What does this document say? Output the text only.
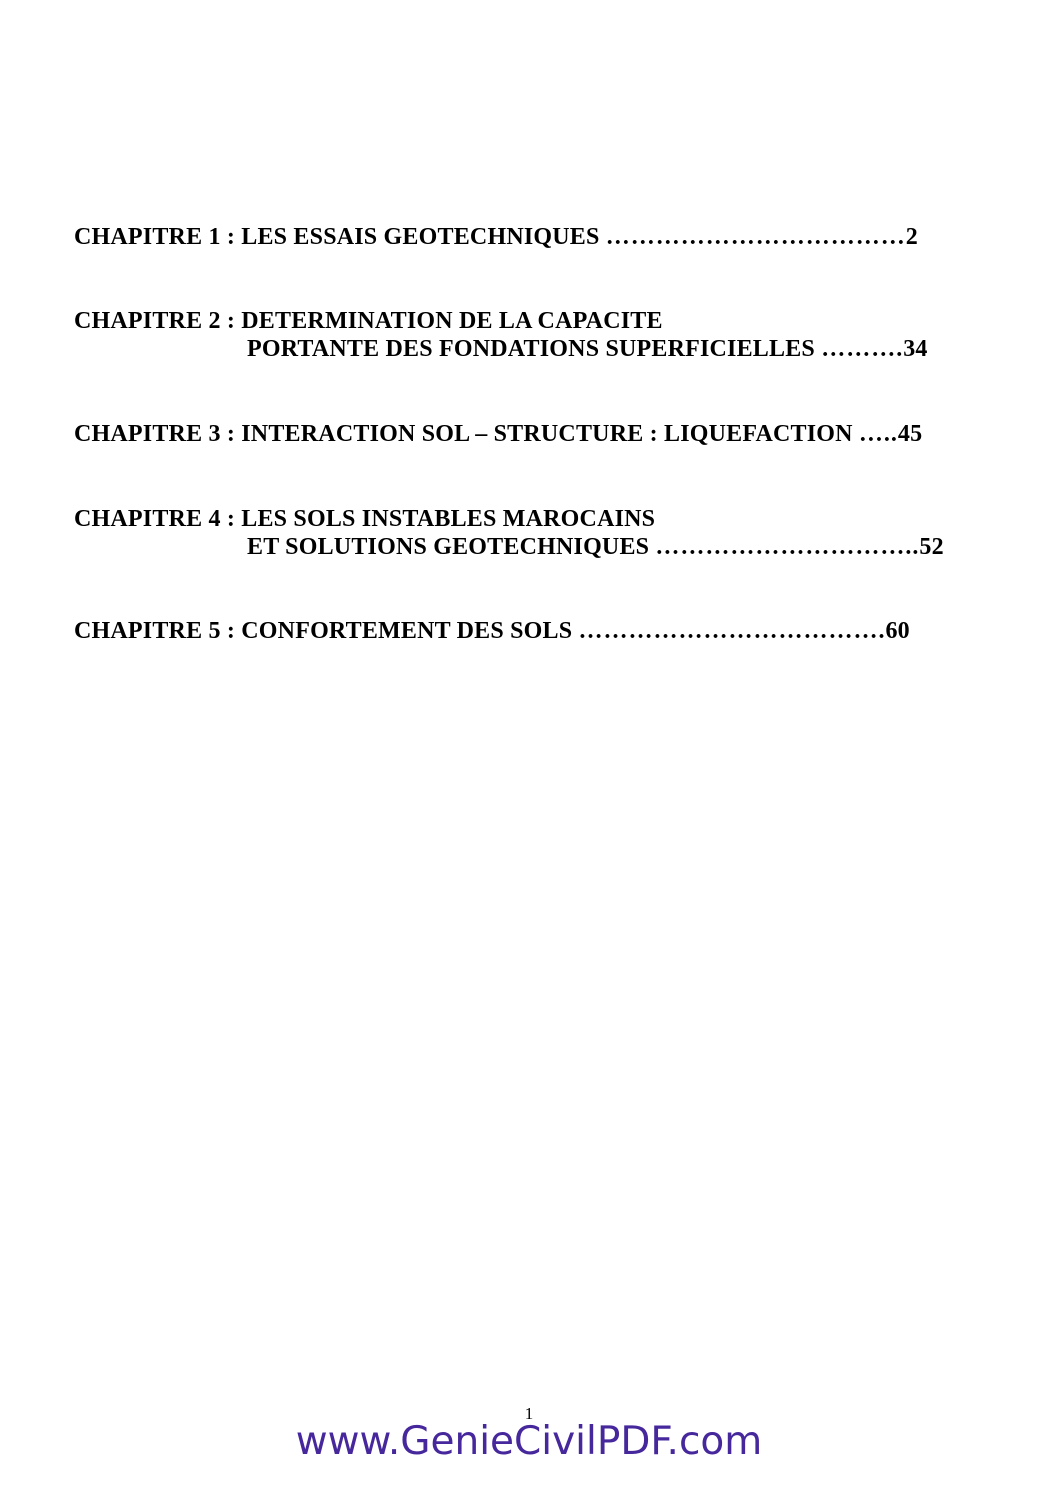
CHAPITRE 1 : LES ESSAIS GEOTECHNIQUES ………………………………2
CHAPITRE 2 : DETERMINATION DE LA CAPACITE
PORTANTE DES FONDATIONS SUPERFICIELLES ……….34
CHAPITRE 3 : INTERACTION SOL – STRUCTURE : LIQUEFACTION …..45
CHAPITRE 4 : LES SOLS INSTABLES MAROCAINS
ET SOLUTIONS GEOTECHNIQUES …………………………..52
CHAPITRE 5 : CONFORTEMENT DES SOLS ……………………………….60
1
www.GenieCivilPDF.com
